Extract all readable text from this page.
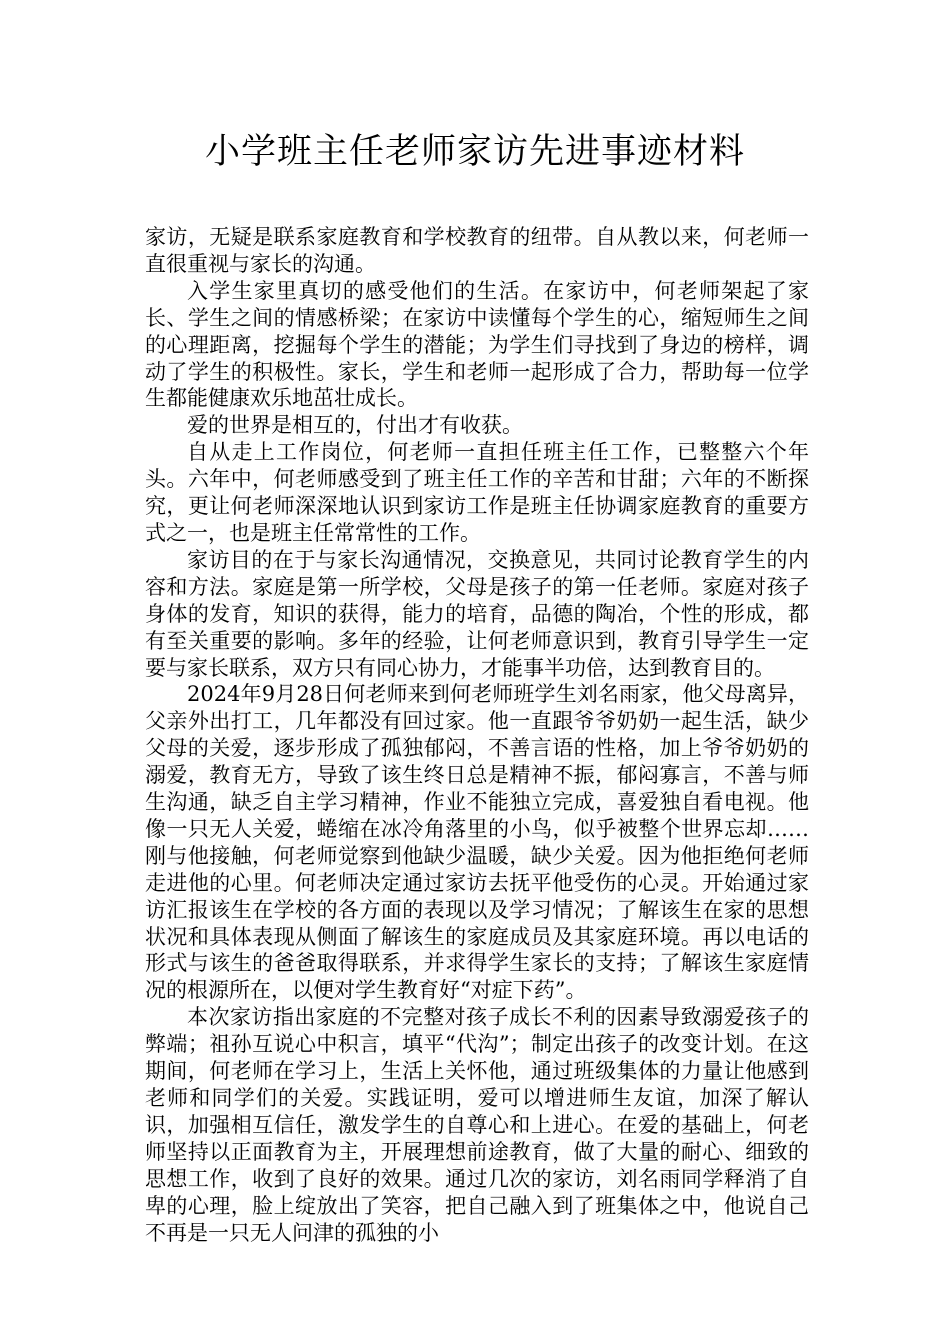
小学班主任老师家访先进事迹材料

家访，无疑是联系家庭教育和学校教育的纽带。自从教以来，何老师一直很重视与家长的沟通。

入学生家里真切的感受他们的生活。在家访中，何老师架起了家长、学生之间的情感桥梁；在家访中读懂每个学生的心，缩短师生之间的心理距离，挖掘每个学生的潜能；为学生们寻找到了身边的榜样，调动了学生的积极性。家长，学生和老师一起形成了合力，帮助每一位学生都能健康欢乐地茁壮成长。

爱的世界是相互的，付出才有收获。

自从走上工作岗位，何老师一直担任班主任工作，已整整六个年头。六年中，何老师感受到了班主任工作的辛苦和甘甜；六年的不断探究，更让何老师深深地认识到家访工作是班主任协调家庭教育的重要方式之一，也是班主任常常性的工作。

家访目的在于与家长沟通情况，交换意见，共同讨论教育学生的内容和方法。家庭是第一所学校，父母是孩子的第一任老师。家庭对孩子身体的发育，知识的获得，能力的培育，品德的陶冶，个性的形成，都有至关重要的影响。多年的经验，让何老师意识到，教育引导学生一定要与家长联系，双方只有同心协力，才能事半功倍，达到教育目的。

2024年9月28日何老师来到何老师班学生刘名雨家，他父母离异，父亲外出打工，几年都没有回过家。他一直跟爷爷奶奶一起生活，缺少父母的关爱，逐步形成了孤独郁闷，不善言语的性格，加上爷爷奶奶的溺爱，教育无方，导致了该生终日总是精神不振，郁闷寡言，不善与师生沟通，缺乏自主学习精神，作业不能独立完成，喜爱独自看电视。他像一只无人关爱，蜷缩在冰冷角落里的小鸟，似乎被整个世界忘却……刚与他接触，何老师觉察到他缺少温暖，缺少关爱。因为他拒绝何老师走进他的心里。何老师决定通过家访去抚平他受伤的心灵。开始通过家访汇报该生在学校的各方面的表现以及学习情况；了解该生在家的思想状况和具体表现从侧面了解该生的家庭成员及其家庭环境。再以电话的形式与该生的爸爸取得联系，并求得学生家长的支持；了解该生家庭情况的根源所在，以便对学生教育好“对症下药”。

本次家访指出家庭的不完整对孩子成长不利的因素导致溺爱孩子的弊端；祖孙互说心中积言，填平“代沟”；制定出孩子的改变计划。在这期间，何老师在学习上，生活上关怀他，通过班级集体的力量让他感到老师和同学们的关爱。实践证明，爱可以增进师生友谊，加深了解认识，加强相互信任，激发学生的自尊心和上进心。在爱的基础上，何老师坚持以正面教育为主，开展理想前途教育，做了大量的耐心、细致的思想工作，收到了良好的效果。通过几次的家访，刘名雨同学释消了自卑的心理，脸上绽放出了笑容，把自己融入到了班集体之中，他说自己不再是一只无人问津的孤独的小
